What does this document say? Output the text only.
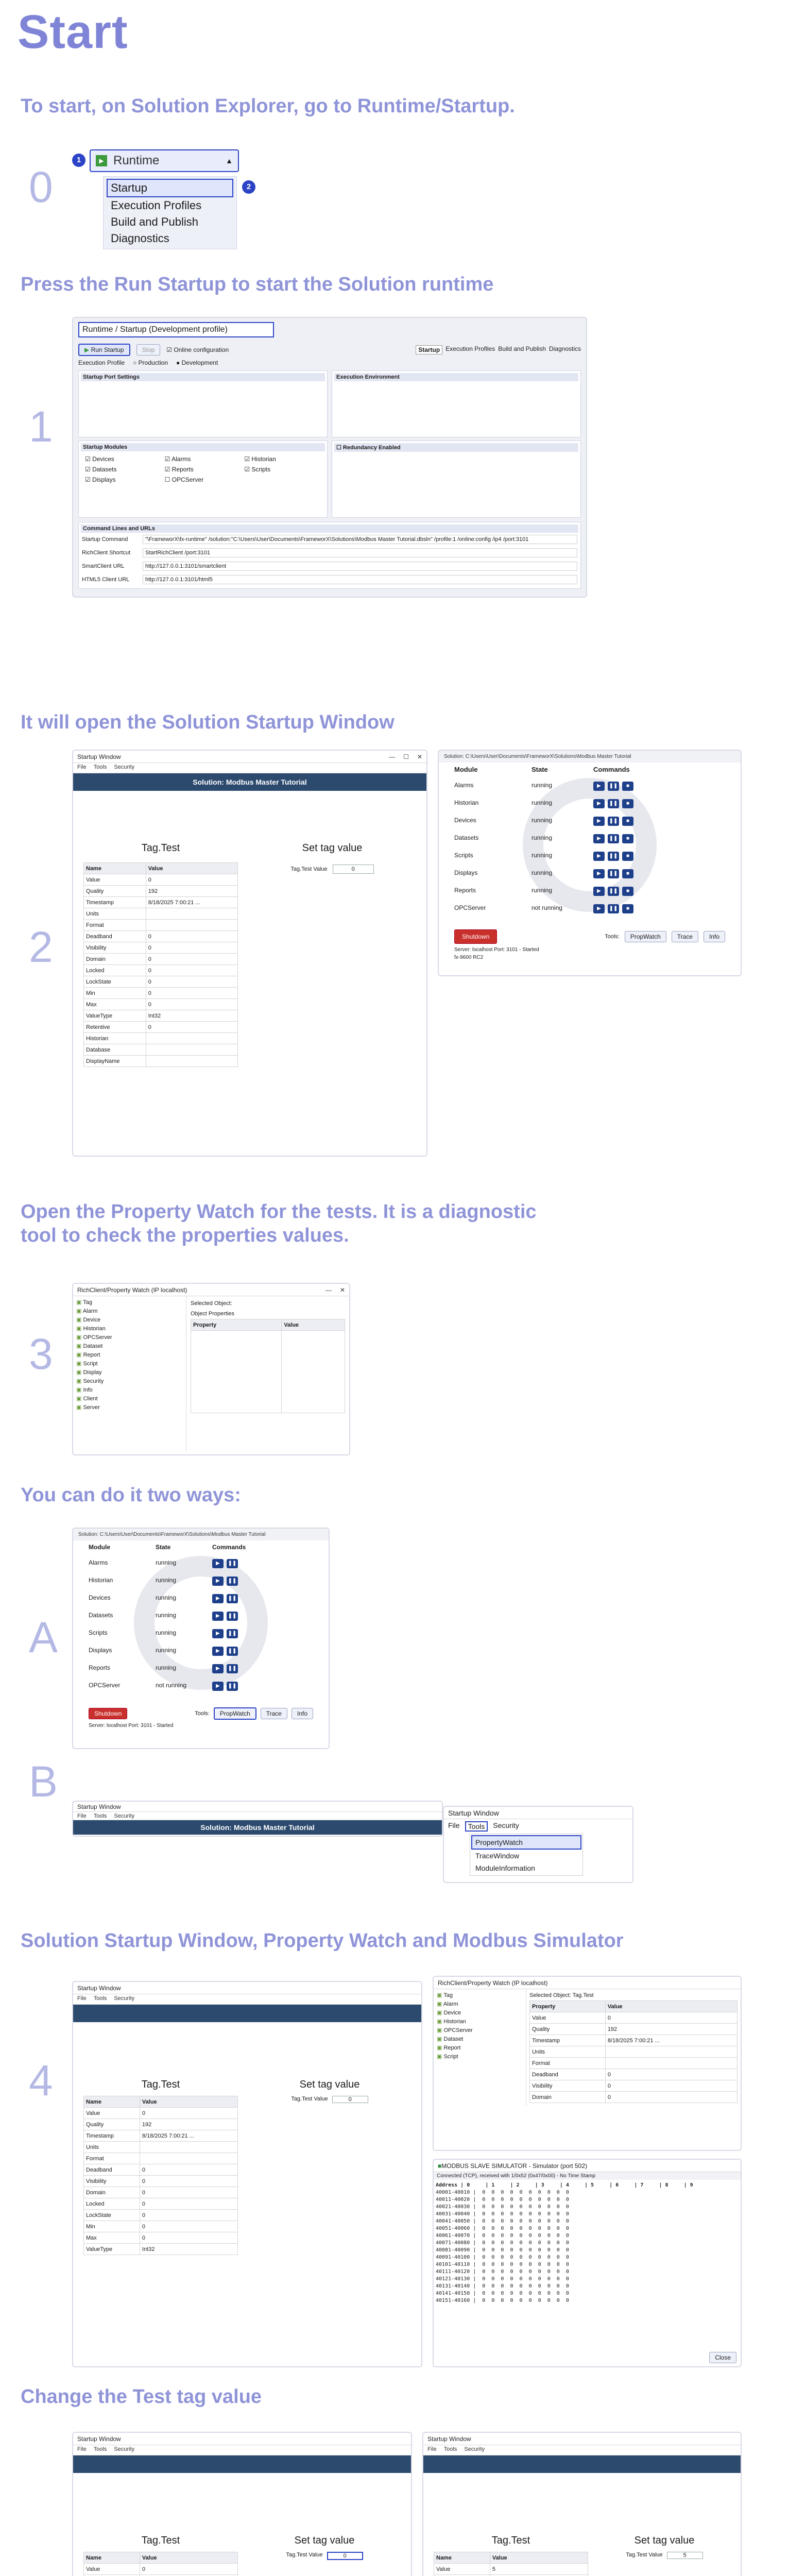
Start
To start, on Solution Explorer, go to Runtime/Startup.
0
1	▶ Runtime	▲
2
Startup
Execution Profiles
Build and Publish
Diagnostics
Press the Run Startup to start the Solution runtime
1
Runtime / Startup (Development profile)
▶ Run Startup	Stop	☑ Online configuration	Startup Execution Profiles Build and Publish Diagnostics
Execution Profile ○ Production ● Development
Startup Port Settings	Execution Environment
Startup Modules
☑ Devices	☑ Alarms	☑ Historian
☑ Datasets	☑ Reports	☑ Scripts
☑ Displays	☐ OPCServer
☐ Redundancy Enabled
Command Lines and URLs
Startup Command	"\FrameworX\fx-runtime" /solution:"C:\Users\User\Documents\FrameworX\Solutions\Modbus Master Tutorial.dbsln" /profile:1 /online:config /ip4 /port:3101
RichClient Shortcut	StartRichClient /port:3101
SmartClient URL	http://127.0.0.1:3101/smartclient
HTML5 Client URL	http://127.0.0.1:3101/html5
It will open the Solution Startup Window
2
Startup Window	— ☐ ✕
File Tools Security
Solution: Modbus Master Tutorial
Tag.Test
Name	Value
Value	0
Quality	192
Timestamp	8/18/2025 7:00:21 ...
Units	
Format	
Deadband	0
Visibility	0
Domain	0
Locked	0
LockState	0
Min	0
Max	0
ValueType	Int32
Retentive	0
Historian	
Database	
DisplayName	
Set tag value
Tag.Test Value	0
Solution: C:\Users\User\Documents\FrameworX\Solutions\Modbus Master Tutorial
Module	State	Commands
Alarms	running	▶ ❚❚ ■
Historian	running	▶ ❚❚ ■
Devices	running	▶ ❚❚ ■
Datasets	running	▶ ❚❚ ■
Scripts	running	▶ ❚❚ ■
Displays	running	▶ ❚❚ ■
Reports	running	▶ ❚❚ ■
OPCServer	not running	▶ ❚❚ ■
Shutdown	Tools:	PropWatch	Trace	Info
Server: localhost Port: 3101 - Started
fx-9600 RC2
Open the Property Watch for the tests. It is a diagnostic
tool to check the properties values.
3
RichClient/Property Watch (IP localhost)	— ✕
▣ Tag
▣ Alarm
▣ Device
▣ Historian
▣ OPCServer
▣ Dataset
▣ Report
▣ Script
▣ Display
▣ Security
▣ Info
▣ Client
▣ Server
Selected Object:
Object Properties
Property	Value

You can do it two ways:
A
Solution: C:\Users\User\Documents\FrameworX\Solutions\Modbus Master Tutorial
Module	State	Commands
Alarms	running	▶ ❚❚
Historian	running	▶ ❚❚
Devices	running	▶ ❚❚
Datasets	running	▶ ❚❚
Scripts	running	▶ ❚❚
Displays	running	▶ ❚❚
Reports	running	▶ ❚❚
OPCServer	not running	▶ ❚❚
Shutdown	Tools:	PropWatch	Trace	Info
Server: localhost Port: 3101 - Started
B
Startup Window
File Tools Security
Solution: Modbus Master Tutorial
Startup Window
File	Tools	Security
PropertyWatch
TraceWindow
ModuleInformation
Solution Startup Window, Property Watch and Modbus Simulator
4
Startup Window
File Tools Security
Tag.Test	Set tag value
Name	Value
Value	0
Quality	192
Timestamp	8/18/2025 7:00:21 ...
Units	
Format	
Deadband	0
Visibility	0
Domain	0
Locked	0
LockState	0
Min	0
Max	0
ValueType	Int32
Tag.Test Value	0
RichClient/Property Watch (IP localhost)
▣ Tag
▣ Alarm
▣ Device
▣ Historian
▣ OPCServer
▣ Dataset
▣ Report
▣ Script
Selected Object: Tag.Test
Property	Value
Value	0
Quality	192
Timestamp	8/18/2025 7:00:21 ...
Units	
Format	
Deadband	0
Visibility	0
Domain	0
■ MODBUS SLAVE SIMULATOR - Simulator (port 502)
Connected (TCP), received with 1/0x52 (0x47/0x00) - No Time Stamp
Address | 0     | 1     | 2     | 3     | 4     | 5     | 6     | 7     | 8     | 9
40001-40010 |  0  0  0  0  0  0  0  0  0  0
40011-40020 |  0  0  0  0  0  0  0  0  0  0
40021-40030 |  0  0  0  0  0  0  0  0  0  0
40031-40040 |  0  0  0  0  0  0  0  0  0  0
40041-40050 |  0  0  0  0  0  0  0  0  0  0
40051-40060 |  0  0  0  0  0  0  0  0  0  0
40061-40070 |  0  0  0  0  0  0  0  0  0  0
40071-40080 |  0  0  0  0  0  0  0  0  0  0
40081-40090 |  0  0  0  0  0  0  0  0  0  0
40091-40100 |  0  0  0  0  0  0  0  0  0  0
40101-40110 |  0  0  0  0  0  0  0  0  0  0
40111-40120 |  0  0  0  0  0  0  0  0  0  0
40121-40130 |  0  0  0  0  0  0  0  0  0  0
40131-40140 |  0  0  0  0  0  0  0  0  0  0
40141-40150 |  0  0  0  0  0  0  0  0  0  0
40151-40160 |  0  0  0  0  0  0  0  0  0  0
Close
Change the Test tag value
Startup Window
File Tools Security
Tag.Test	Set tag value
Name	Value
Value	0

Tag.Test Value	0
Startup Window
File Tools Security
Tag.Test	Set tag value
Name	Value
Value	5

Tag.Test Value	5
